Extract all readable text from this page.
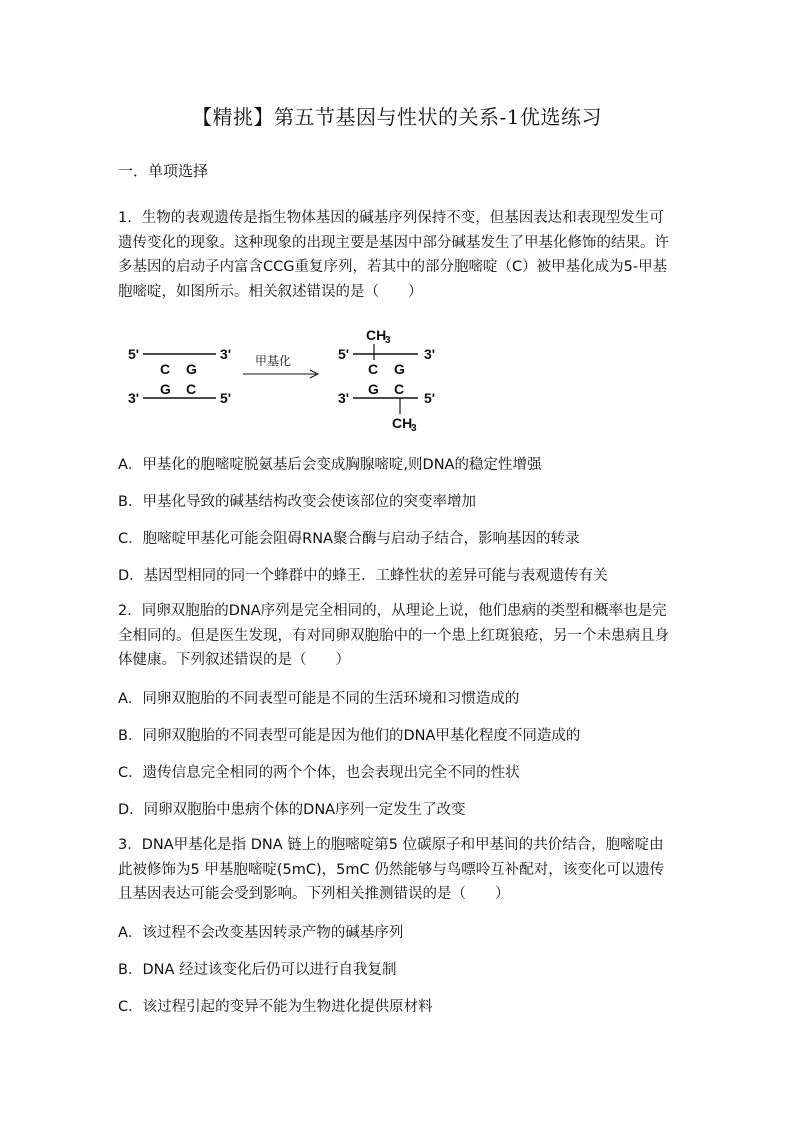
【精挑】第五节基因与性状的关系-1优选练习
一．单项选择
1．生物的表观遗传是指生物体基因的碱基序列保持不变，但基因表达和表现型发生可遗传变化的现象。这种现象的出现主要是基因中部分碱基发生了甲基化修饰的结果。许多基因的启动子内富含CCG重复序列，若其中的部分胞嘧啶（C）被甲基化成为5-甲基胞嘧啶，如图所示。相关叙述错误的是（　　）
5'	3'
C G
G C
3'	5'
甲基化
CH
3
5'	3'
C G
G C
3'	5'
CH
3
A．甲基化的胞嘧啶脱氨基后会变成胸腺嘧啶,则DNA的稳定性增强
B．甲基化导致的碱基结构改变会使该部位的突变率增加
C．胞嘧啶甲基化可能会阻碍RNA聚合酶与启动子结合，影响基因的转录
D．基因型相同的同一个蜂群中的蜂王．工蜂性状的差异可能与表观遗传有关
2．同卵双胞胎的DNA序列是完全相同的，从理论上说，他们患病的类型和概率也是完全相同的。但是医生发现，有对同卵双胞胎中的一个患上红斑狼疮，另一个未患病且身体健康。下列叙述错误的是（　　）
A．同卵双胞胎的不同表型可能是不同的生活环境和习惯造成的
B．同卵双胞胎的不同表型可能是因为他们的DNA甲基化程度不同造成的
C．遗传信息完全相同的两个个体，也会表现出完全不同的性状
D．同卵双胞胎中患病个体的DNA序列一定发生了改变
3．DNA甲基化是指 DNA 链上的胞嘧啶第5 位碳原子和甲基间的共价结合，胞嘧啶由此被修饰为5 甲基胞嘧啶(5mC)，5mC 仍然能够与鸟嘌呤互补配对，该变化可以遗传且基因表达可能会受到影响。下列相关推测错误的是（　　）
A．该过程不会改变基因转录产物的碱基序列
B．DNA 经过该变化后仍可以进行自我复制
C．该过程引起的变异不能为生物进化提供原材料
